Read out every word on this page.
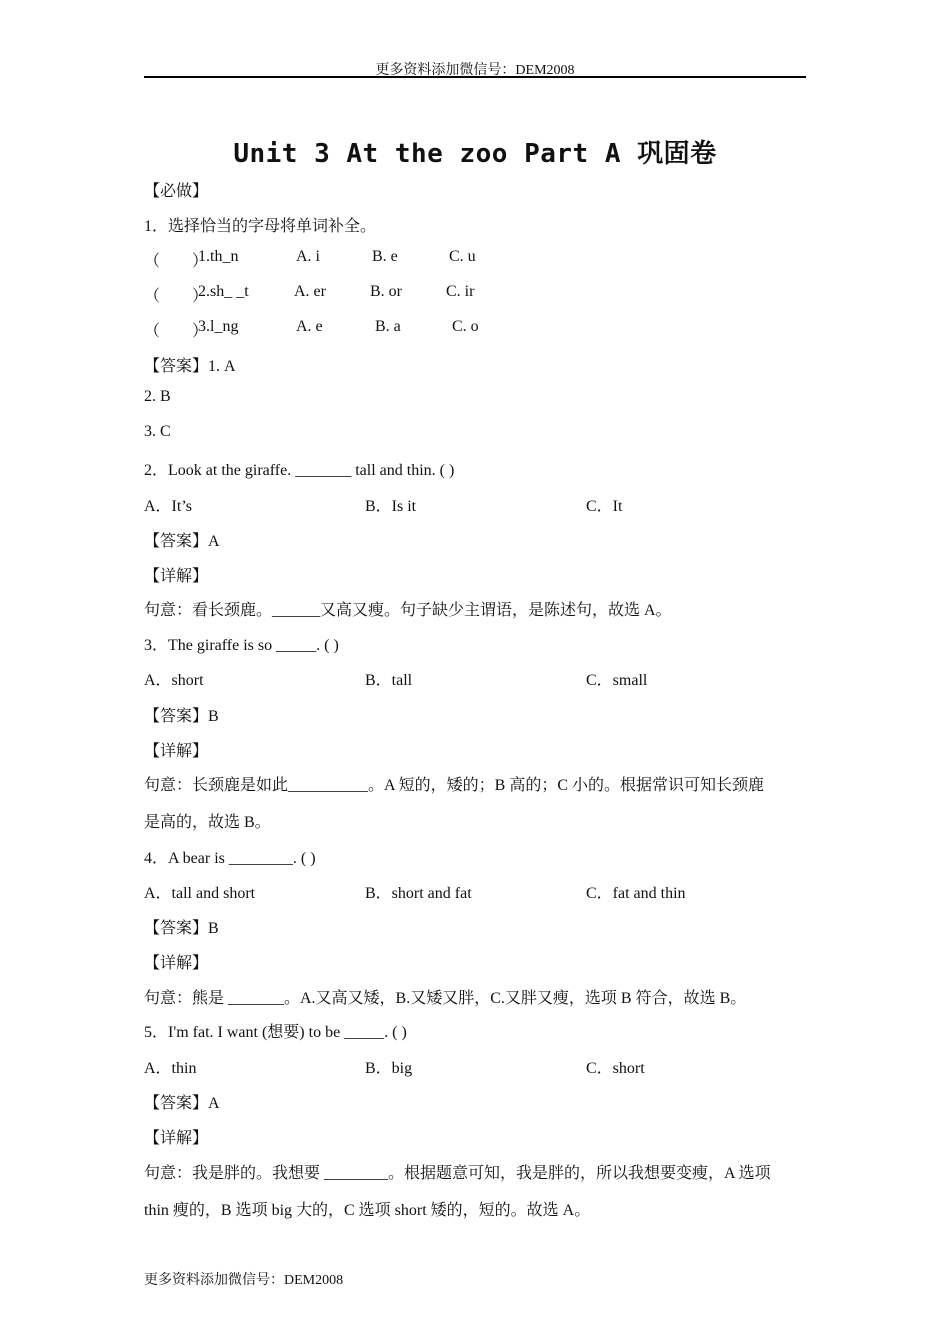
更多资料添加微信号：DEM2008
Unit 3 At the zoo Part A 巩固卷
【必做】
1．选择恰当的字母将单词补全。
（　　）
1.th_n	A. i	B. e	C. u
（　　）
2.sh_ _t	A. er	B. or	C. ir
（　　）
3.l_ng	A. e	B. a	C. o
【答案】1. A
2. B
3. C
2．Look at the giraffe. _______ tall and thin. ( )
A．It’s	B．Is it	C．It
【答案】A
【详解】
句意：看长颈鹿。______又高又瘦。句子缺少主谓语，是陈述句，故选 A。
3．The giraffe is so _____. ( )
A．short	B．tall	C．small
【答案】B
【详解】
句意：长颈鹿是如此__________。A 短的，矮的；B 高的；C 小的。根据常识可知长颈鹿
是高的，故选 B。
4．A bear is ________. ( )
A．tall and short	B．short and fat	C．fat and thin
【答案】B
【详解】
句意：熊是 _______。A.又高又矮，B.又矮又胖，C.又胖又瘦，选项 B 符合，故选 B。
5．I'm fat. I want (想要) to be _____. ( )
A．thin	B．big	C．short
【答案】A
【详解】
句意：我是胖的。我想要 ________。根据题意可知，我是胖的，所以我想要变瘦，A 选项
thin 瘦的，B 选项 big 大的，C 选项 short 矮的，短的。故选 A。
更多资料添加微信号：DEM2008
